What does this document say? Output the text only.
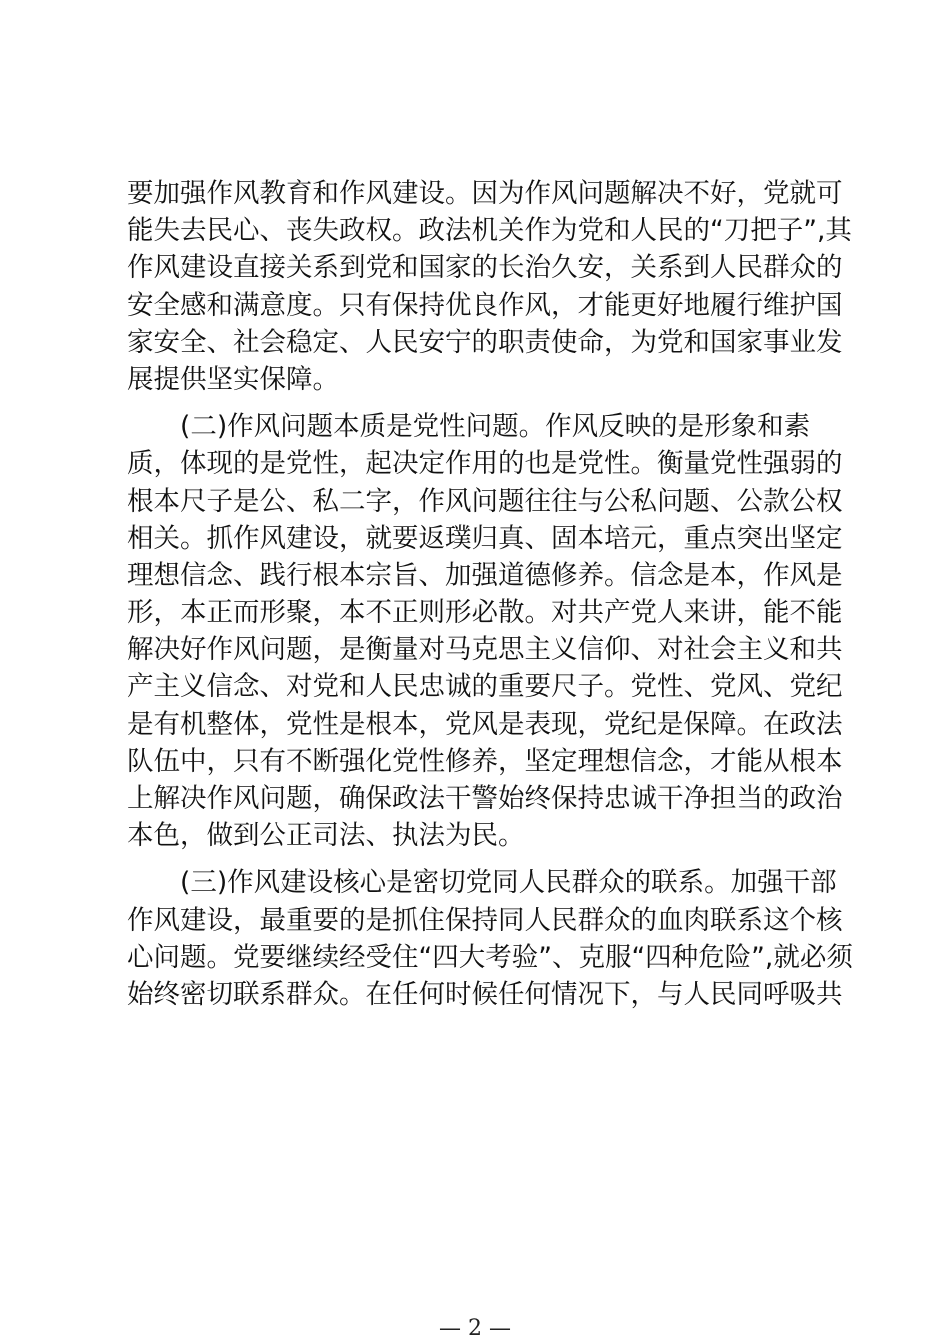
要加强作风教育和作风建设。因为作风问题解决不好，党就可
能失去民心、丧失政权。政法机关作为党和人民的“刀把子”,其
作风建设直接关系到党和国家的长治久安，关系到人民群众的
安全感和满意度。只有保持优良作风，才能更好地履行维护国
家安全、社会稳定、人民安宁的职责使命，为党和国家事业发
展提供坚实保障。
(二)作风问题本质是党性问题。作风反映的是形象和素
质，体现的是党性，起决定作用的也是党性。衡量党性强弱的
根本尺子是公、私二字，作风问题往往与公私问题、公款公权
相关。抓作风建设，就要返璞归真、固本培元，重点突出坚定
理想信念、践行根本宗旨、加强道德修养。信念是本，作风是
形，本正而形聚，本不正则形必散。对共产党人来讲，能不能
解决好作风问题，是衡量对马克思主义信仰、对社会主义和共
产主义信念、对党和人民忠诚的重要尺子。党性、党风、党纪
是有机整体，党性是根本，党风是表现，党纪是保障。在政法
队伍中，只有不断强化党性修养，坚定理想信念，才能从根本
上解决作风问题，确保政法干警始终保持忠诚干净担当的政治
本色，做到公正司法、执法为民。
(三)作风建设核心是密切党同人民群众的联系。加强干部
作风建设，最重要的是抓住保持同人民群众的血肉联系这个核
心问题。党要继续经受住“四大考验”、克服“四种危险”,就必须
始终密切联系群众。在任何时候任何情况下，与人民同呼吸共
— 2 —
